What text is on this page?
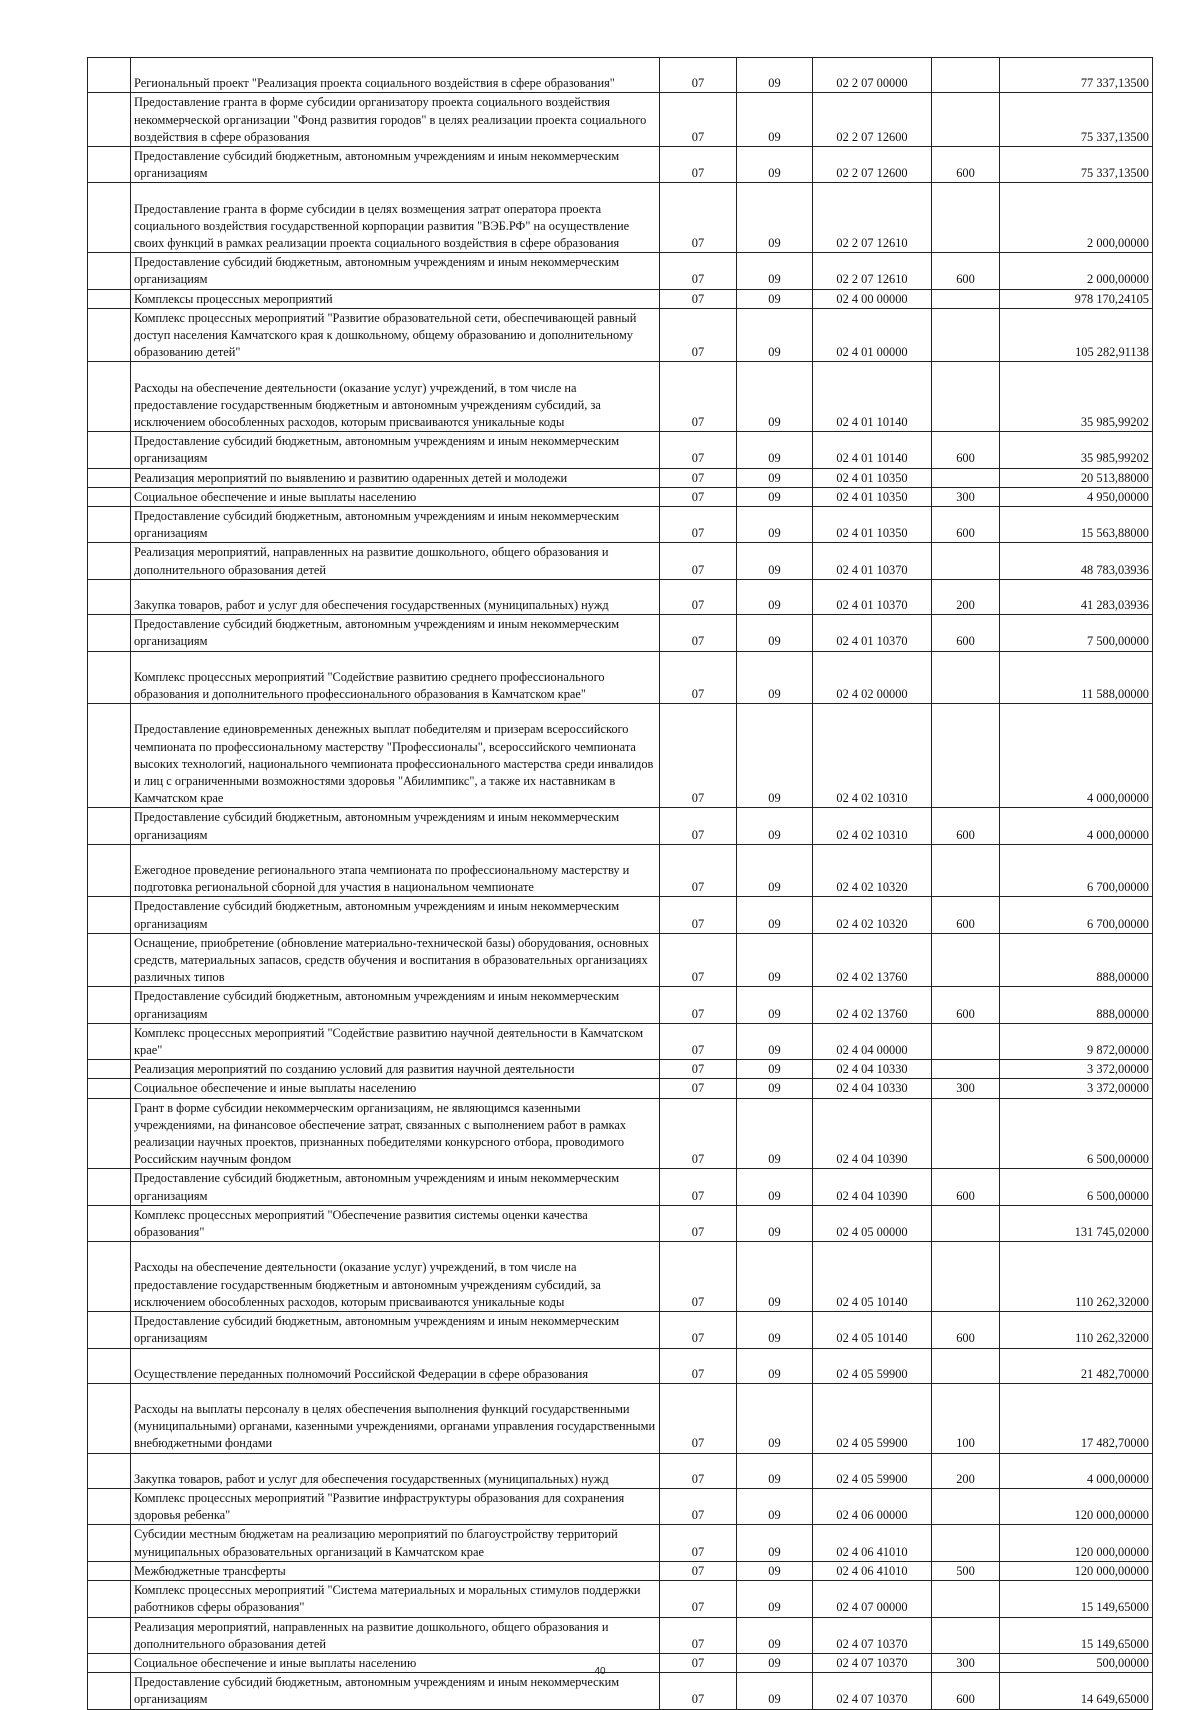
	Региональный проект "Реализация проекта социального воздействия в сфере образования"	07	09	02 2 07 00000		77 337,13500

	Предоставление гранта в форме субсидии организатору проекта социального воздействия некоммерческой организации "Фонд развития городов" в целях реализации проекта социального воздействия в сфере образования	07	09	02 2 07 12600		75 337,13500

	Предоставление субсидий бюджетным, автономным учреждениям и иным некоммерческим организациям	07	09	02 2 07 12600	600	75 337,13500

	Предоставление гранта в форме субсидии в целях возмещения затрат оператора проекта социального воздействия государственной корпорации развития "ВЭБ.РФ" на осуществление своих функций в рамках реализации проекта социального воздействия в сфере образования	07	09	02 2 07 12610		2 000,00000

	Предоставление субсидий бюджетным, автономным учреждениям и иным некоммерческим организациям	07	09	02 2 07 12610	600	2 000,00000

	Комплексы процессных мероприятий	07	09	02 4 00 00000		978 170,24105

	Комплекс процессных мероприятий "Развитие образовательной сети, обеспечивающей равный доступ населения Камчатского края к дошкольному, общему образованию и дополнительному образованию детей"	07	09	02 4 01 00000		105 282,91138

	Расходы на обеспечение деятельности (оказание услуг) учреждений, в том числе на предоставление государственным бюджетным и автономным учреждениям субсидий, за исключением обособленных расходов, которым присваиваются уникальные коды	07	09	02 4 01 10140		35 985,99202

	Предоставление субсидий бюджетным, автономным учреждениям и иным некоммерческим организациям	07	09	02 4 01 10140	600	35 985,99202

	Реализация мероприятий по выявлению и развитию одаренных детей и молодежи	07	09	02 4 01 10350		20 513,88000

	Социальное обеспечение и иные выплаты населению	07	09	02 4 01 10350	300	4 950,00000

	Предоставление субсидий бюджетным, автономным учреждениям и иным некоммерческим организациям	07	09	02 4 01 10350	600	15 563,88000

	Реализация мероприятий, направленных на развитие дошкольного, общего образования и дополнительного образования детей	07	09	02 4 01 10370		48 783,03936

	Закупка товаров, работ и услуг для обеспечения государственных (муниципальных) нужд	07	09	02 4 01 10370	200	41 283,03936

	Предоставление субсидий бюджетным, автономным учреждениям и иным некоммерческим организациям	07	09	02 4 01 10370	600	7 500,00000

	Комплекс процессных мероприятий "Содействие развитию среднего профессионального образования и дополнительного профессионального образования в Камчатском крае"	07	09	02 4 02 00000		11 588,00000

	Предоставление единовременных денежных выплат победителям и призерам всероссийского чемпионата по профессиональному мастерству "Профессионалы", всероссийского чемпионата высоких технологий, национального чемпионата профессионального мастерства среди инвалидов и лиц с ограниченными возможностями здоровья "Абилимпикс", а также их наставникам в Камчатском крае	07	09	02 4 02 10310		4 000,00000

	Предоставление субсидий бюджетным, автономным учреждениям и иным некоммерческим организациям	07	09	02 4 02 10310	600	4 000,00000

	Ежегодное проведение регионального этапа чемпионата по профессиональному мастерству и подготовка региональной сборной для участия в национальном чемпионате	07	09	02 4 02 10320		6 700,00000

	Предоставление субсидий бюджетным, автономным учреждениям и иным некоммерческим организациям	07	09	02 4 02 10320	600	6 700,00000

	Оснащение, приобретение (обновление материально-технической базы) оборудования, основных средств, материальных запасов, средств обучения и воспитания в образовательных организациях различных типов	07	09	02 4 02 13760		888,00000

	Предоставление субсидий бюджетным, автономным учреждениям и иным некоммерческим организациям	07	09	02 4 02 13760	600	888,00000

	Комплекс процессных мероприятий "Содействие развитию научной деятельности в Камчатском крае"	07	09	02 4 04 00000		9 872,00000

	Реализация мероприятий по созданию условий для развития научной деятельности	07	09	02 4 04 10330		3 372,00000

	Социальное обеспечение и иные выплаты населению	07	09	02 4 04 10330	300	3 372,00000

	Грант в форме субсидии некоммерческим организациям, не являющимся казенными учреждениями, на финансовое обеспечение затрат, связанных с выполнением работ в рамках реализации научных проектов, признанных победителями конкурсного отбора, проводимого Российским научным фондом	07	09	02 4 04 10390		6 500,00000

	Предоставление субсидий бюджетным, автономным учреждениям и иным некоммерческим организациям	07	09	02 4 04 10390	600	6 500,00000

	Комплекс процессных мероприятий "Обеспечение развития системы оценки качества образования"	07	09	02 4 05 00000		131 745,02000

	Расходы на обеспечение деятельности (оказание услуг) учреждений, в том числе на предоставление государственным бюджетным и автономным учреждениям субсидий, за исключением обособленных расходов, которым присваиваются уникальные коды	07	09	02 4 05 10140		110 262,32000

	Предоставление субсидий бюджетным, автономным учреждениям и иным некоммерческим организациям	07	09	02 4 05 10140	600	110 262,32000

	Осуществление переданных полномочий Российской Федерации в сфере образования	07	09	02 4 05 59900		21 482,70000

	Расходы на выплаты персоналу в целях обеспечения выполнения функций государственными (муниципальными) органами, казенными учреждениями, органами управления государственными внебюджетными фондами	07	09	02 4 05 59900	100	17 482,70000

	Закупка товаров, работ и услуг для обеспечения государственных (муниципальных) нужд	07	09	02 4 05 59900	200	4 000,00000

	Комплекс процессных мероприятий "Развитие инфраструктуры образования для сохранения здоровья ребенка"	07	09	02 4 06 00000		120 000,00000

	Субсидии местным бюджетам на реализацию мероприятий по благоустройству территорий муниципальных образовательных организаций в Камчатском крае	07	09	02 4 06 41010		120 000,00000

	Межбюджетные трансферты	07	09	02 4 06 41010	500	120 000,00000

	Комплекс процессных мероприятий "Система материальных и моральных стимулов поддержки работников сферы образования"	07	09	02 4 07 00000		15 149,65000

	Реализация мероприятий, направленных на развитие дошкольного, общего образования и дополнительного образования детей	07	09	02 4 07 10370		15 149,65000

	Социальное обеспечение и иные выплаты населению	07	09	02 4 07 10370	300	500,00000

	Предоставление субсидий бюджетным, автономным учреждениям и иным некоммерческим организациям	07	09	02 4 07 10370	600	14 649,65000
40
